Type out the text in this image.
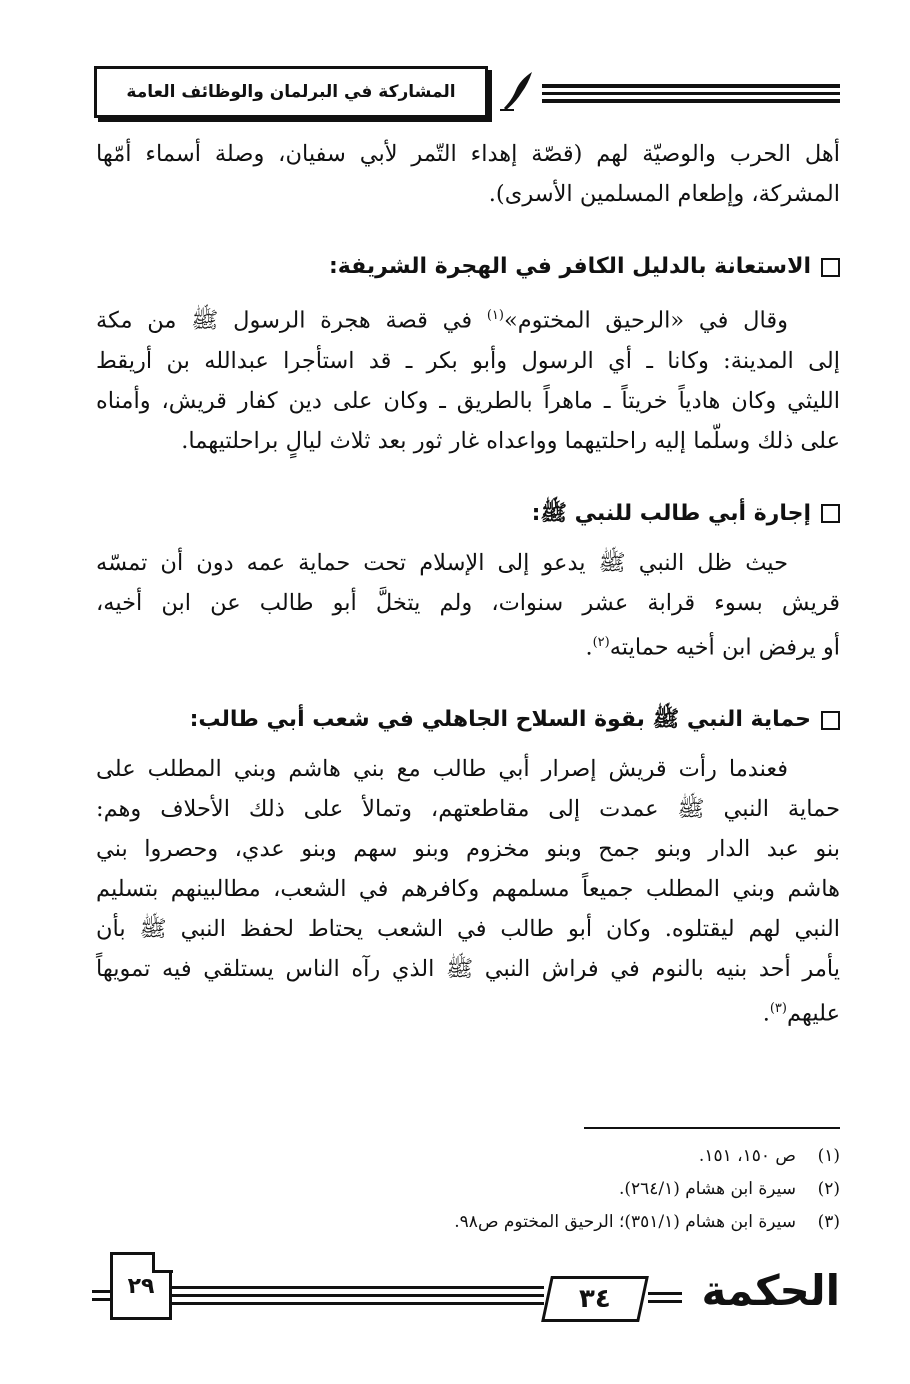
المشاركة في البرلمان والوظائف العامة

أهل الحرب والوصيّة لهم (قصّة إهداء التّمر لأبي سفيان، وصلة أسماء أمّها
المشركة، وإطعام المسلمين الأسرى).

الاستعانة بالدليل الكافر في الهجرة الشريفة:

وقال في «الرحيق المختوم»$^{(١)}$ في قصة هجرة الرسول ﷺ من مكة
إلى المدينة: وكانا ـ أي الرسول وأبو بكر ـ قد استأجرا عبدالله بن أريقط
الليثي وكان هادياً خريتاً ـ ماهراً بالطريق ـ وكان على دين كفار قريش، وأمناه
على ذلك وسلّما إليه راحلتيهما وواعداه غار ثور بعد ثلاث ليالٍ براحلتيهما.

إجارة أبي طالب للنبي ﷺ:

حيث ظل النبي ﷺ يدعو إلى الإسلام تحت حماية عمه دون أن تمسّه
قريش بسوء قرابة عشر سنوات، ولم يتخلَّ أبو طالب عن ابن أخيه،
أو يرفض ابن أخيه حمايته$^{(٢)}$.

حماية النبي ﷺ بقوة السلاح الجاهلي في شعب أبي طالب:

فعندما رأت قريش إصرار أبي طالب مع بني هاشم وبني المطلب على
حماية النبي ﷺ عمدت إلى مقاطعتهم، وتمالأ على ذلك الأحلاف وهم:
بنو عبد الدار وبنو جمح وبنو مخزوم وبنو سهم وبنو عدي، وحصروا بني
هاشم وبني المطلب جميعاً مسلمهم وكافرهم في الشعب، مطالبينهم بتسليم
النبي لهم ليقتلوه. وكان أبو طالب في الشعب يحتاط لحفظ النبي ﷺ بأن
يأمر أحد بنيه بالنوم في فراش النبي ﷺ الذي رآه الناس يستلقي فيه تمويهاً
عليهم$^{(٣)}$.

(١)
ص ١٥٠، ١٥١.
(٢)
سيرة ابن هشام (٢٦٤/١).
(٣)
سيرة ابن هشام (٣٥١/١)؛ الرحيق المختوم ص٩٨.
٢٩	٣٤ الحكمة
